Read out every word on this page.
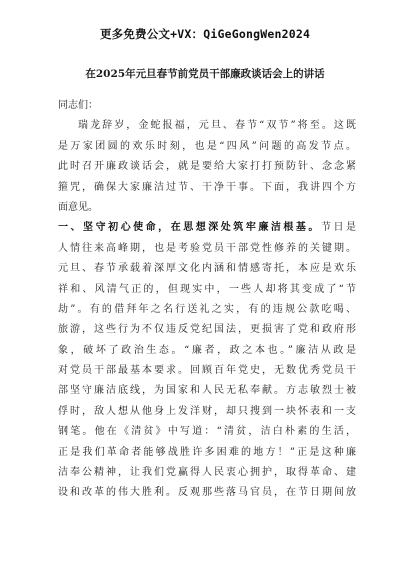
更多免费公文+VX：QiGeGongWen2024
在2025年元旦春节前党员干部廉政谈话会上的讲话
同志们：
瑞龙辞岁，金蛇报福，元旦、春节“双节”将至。这既
是万家团圆的欢乐时刻，也是“四风”问题的高发节点。
此时召开廉政谈话会，就是要给大家打打预防针、念念紧
箍咒，确保大家廉洁过节、干净干事。下面，我讲四个方
面意见。
一、坚守初心使命，在思想深处筑牢廉洁根基。节日是
人情往来高峰期，也是考验党员干部党性修养的关键期。
元旦、春节承载着深厚文化内涵和情感寄托，本应是欢乐
祥和、风清气正的，但现实中，一些人却将其变成了“节
劫”。有的借拜年之名行送礼之实，有的违规公款吃喝、
旅游，这些行为不仅违反党纪国法，更损害了党和政府形
象，破坏了政治生态。“廉者，政之本也。”廉洁从政是
对党员干部最基本要求。回顾百年党史，无数优秀党员干
部坚守廉洁底线，为国家和人民无私奉献。方志敏烈士被
俘时，敌人想从他身上发洋财，却只搜到一块怀表和一支
钢笔。他在《清贫》中写道：“清贫，洁白朴素的生活，
正是我们革命者能够战胜许多困难的地方！”正是这种廉
洁奉公精神，让我们党赢得人民衷心拥护，取得革命、建
设和改革的伟大胜利。反观那些落马官员，在节日期间放
